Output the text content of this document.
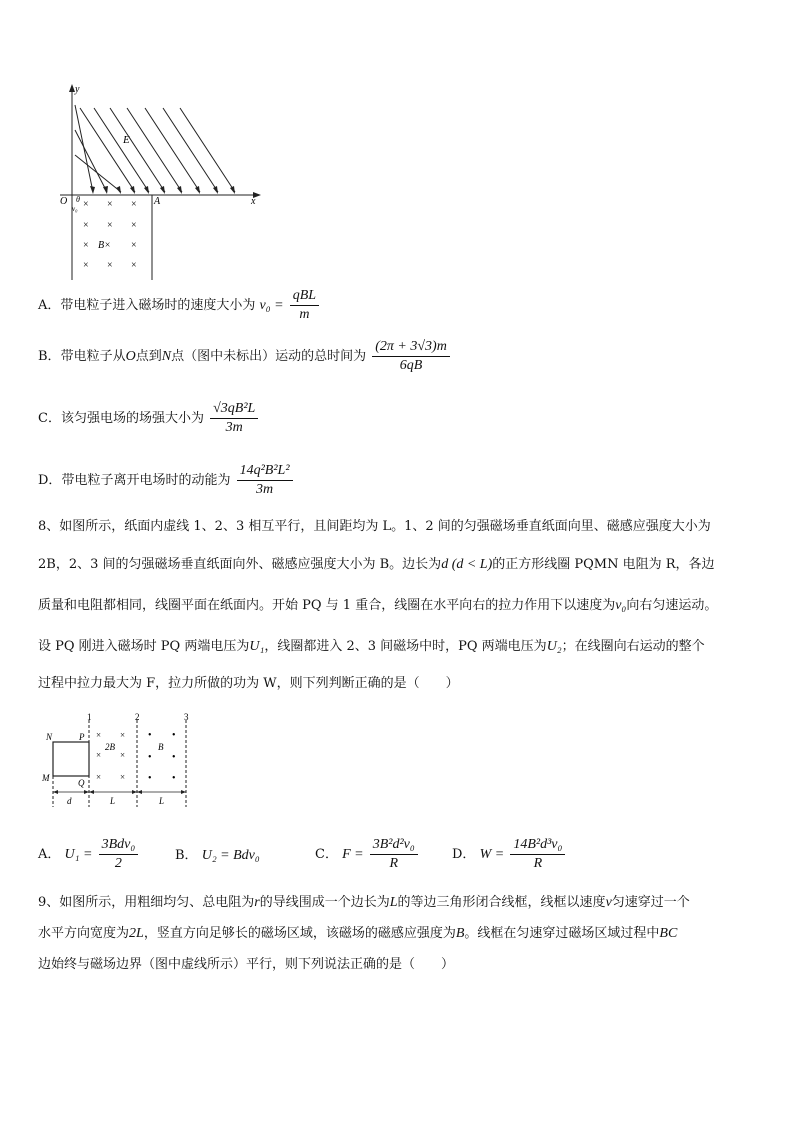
y
x
O	A
E
θ
v₀ × × ×
× × ×
×	×
× × ×
B×
A．带电粒子进入磁场时的速度大小为 $v_0 = \frac{\text{qBL}}{m}$
B．带电粒子从O点到N点（图中未标出）运动的总时间为 $\frac{(2\pi + 3√3)m}{6qB}$
C．该匀强电场的场强大小为 $\frac{\text{√3qB²L}}{3m}$
D．带电粒子离开电场时的动能为 $\frac{\text{14q²B²L²}}{3m}$
8、如图所示，纸面内虚线 1、2、3 相互平行，且间距均为 L。1、2 间的匀强磁场垂直纸面向里、磁感应强度大小为
2B，2、3 间的匀强磁场垂直纸面向外、磁感应强度大小为 B。边长为d (d < L)的正方形线圈 PQMN 电阻为 R，各边
质量和电阻都相同，线圈平面在纸面内。开始 PQ 与 1 重合，线圈在水平向右的拉力作用下以速度为v₀向右匀速运动。
设 PQ 刚进入磁场时 PQ 两端电压为U₁，线圈都进入 2、3 间磁场中时，PQ 两端电压为U₂；在线圈向右运动的整个
过程中拉力最大为 F，拉力所做的功为 W，则下列判断正确的是（　　）
1	2	3
N	P
M	Q
2B	B
d	L	L
× ×
× ×
× ×
• •
• •
• •
A． $U_1 = \frac{\text{3Bdv₀}}{2}$	B． U₂ = Bdv₀	C． $F = \frac{\text{3B²d²v₀}}{R}$	D． $W = \frac{\text{14B²d³v₀}}{R}$
9、如图所示，用粗细均匀、总电阻为r的导线围成一个边长为L的等边三角形闭合线框，线框以速度v匀速穿过一个
水平方向宽度为2L，竖直方向足够长的磁场区域，该磁场的磁感应强度为B。线框在匀速穿过磁场区域过程中BC
边始终与磁场边界（图中虚线所示）平行，则下列说法正确的是（　　）
